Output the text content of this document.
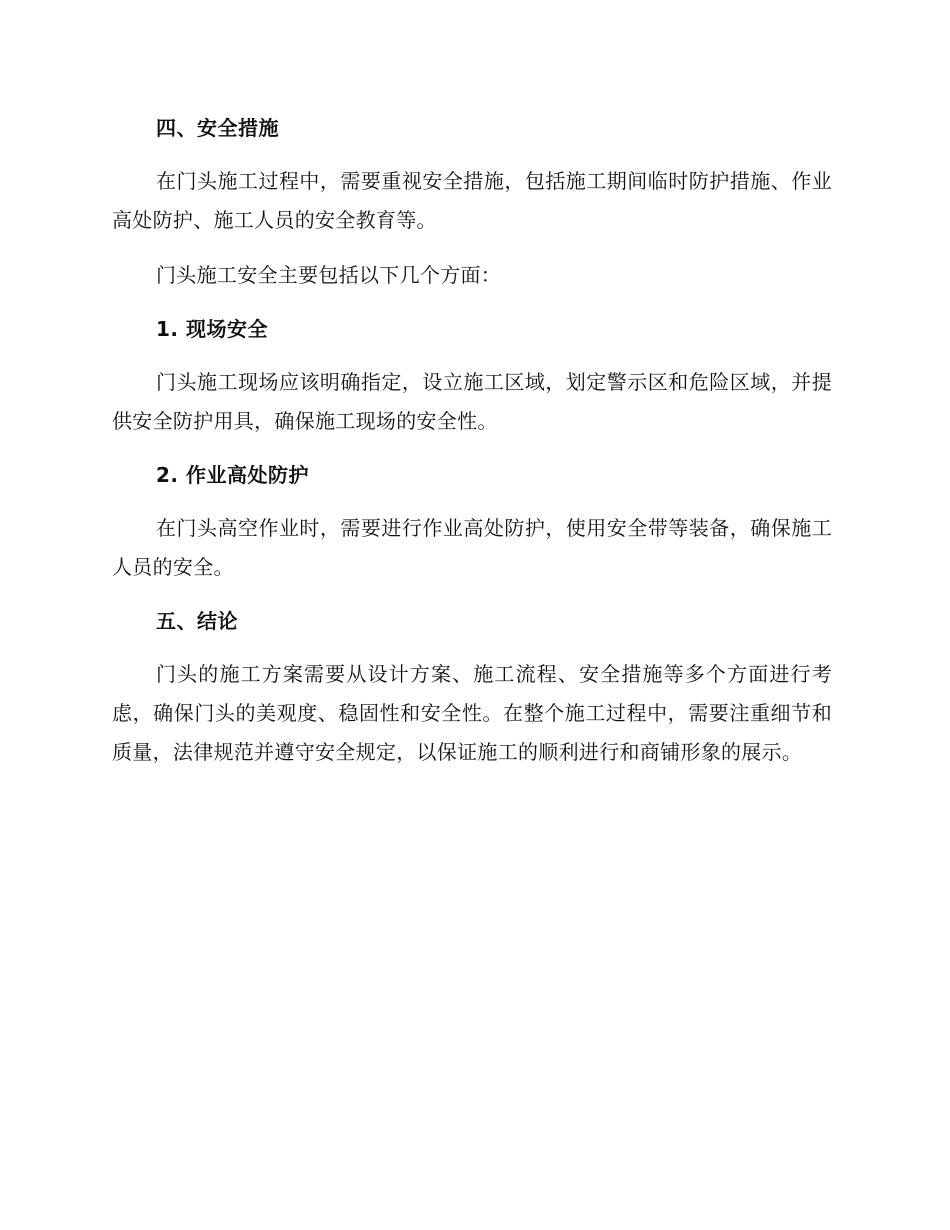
四、安全措施

在门头施工过程中，需要重视安全措施，包括施工期间临时防护措施、作业高处防护、施工人员的安全教育等。

门头施工安全主要包括以下几个方面：

1. 现场安全

门头施工现场应该明确指定，设立施工区域，划定警示区和危险区域，并提供安全防护用具，确保施工现场的安全性。

2. 作业高处防护

在门头高空作业时，需要进行作业高处防护，使用安全带等装备，确保施工人员的安全。

五、结论

门头的施工方案需要从设计方案、施工流程、安全措施等多个方面进行考虑，确保门头的美观度、稳固性和安全性。在整个施工过程中，需要注重细节和质量，法律规范并遵守安全规定，以保证施工的顺利进行和商铺形象的展示。
